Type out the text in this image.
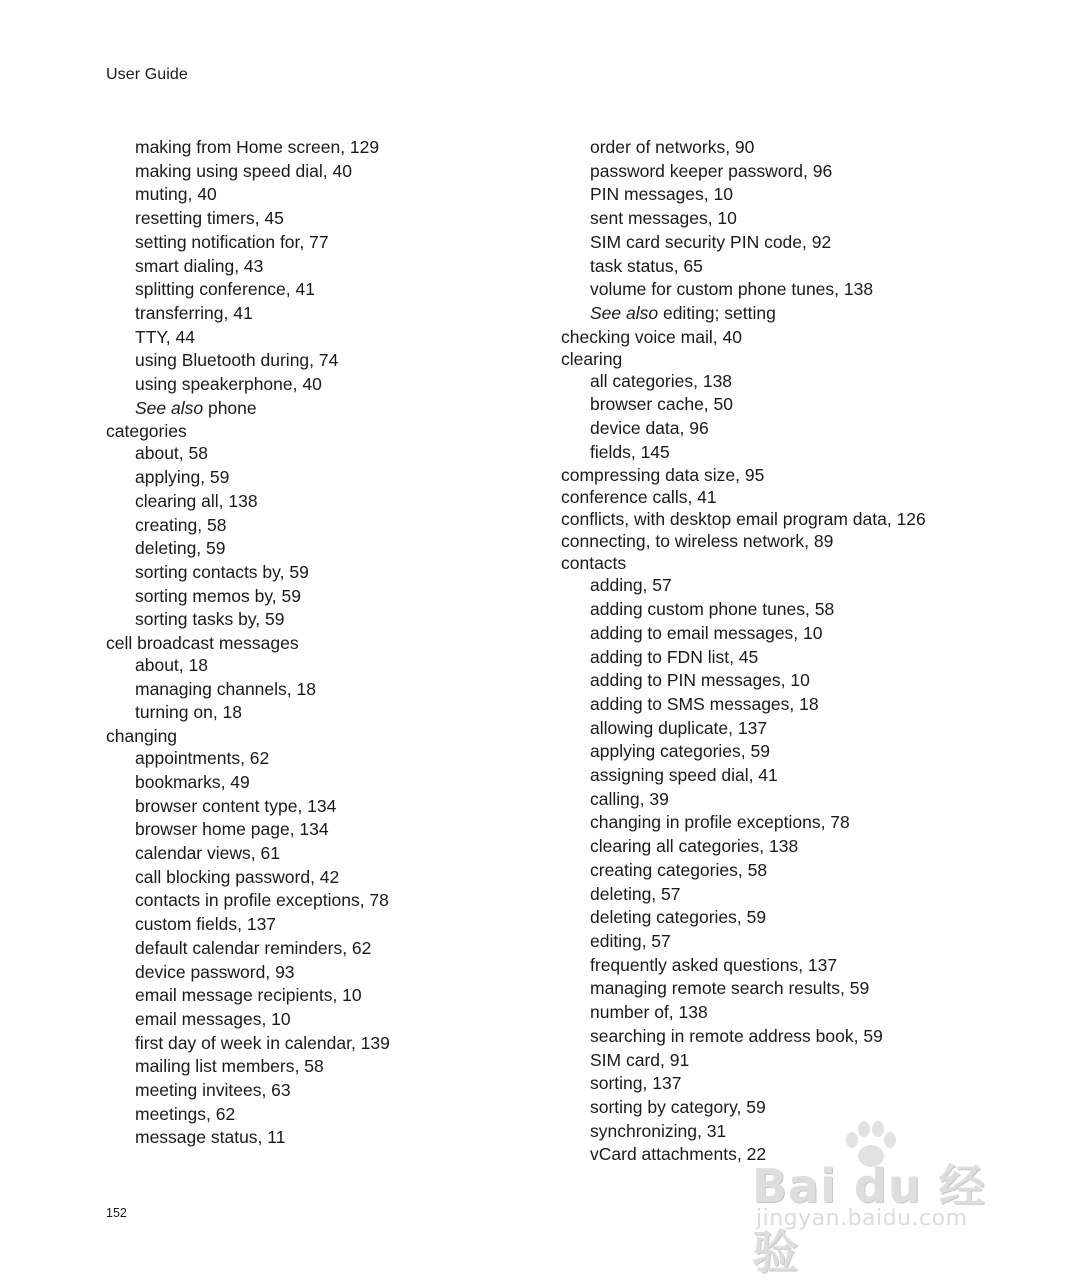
User Guide
making from Home screen, 129
making using speed dial, 40
muting, 40
resetting timers, 45
setting notification for, 77
smart dialing, 43
splitting conference, 41
transferring, 41
TTY, 44
using Bluetooth during, 74
using speakerphone, 40
See also phone
categories
about, 58
applying, 59
clearing all, 138
creating, 58
deleting, 59
sorting contacts by, 59
sorting memos by, 59
sorting tasks by, 59
cell broadcast messages
about, 18
managing channels, 18
turning on, 18
changing
appointments, 62
bookmarks, 49
browser content type, 134
browser home page, 134
calendar views, 61
call blocking password, 42
contacts in profile exceptions, 78
custom fields, 137
default calendar reminders, 62
device password, 93
email message recipients, 10
email messages, 10
first day of week in calendar, 139
mailing list members, 58
meeting invitees, 63
meetings, 62
message status, 11
order of networks, 90
password keeper password, 96
PIN messages, 10
sent messages, 10
SIM card security PIN code, 92
task status, 65
volume for custom phone tunes, 138
See also editing; setting
checking voice mail, 40
clearing
all categories, 138
browser cache, 50
device data, 96
fields, 145
compressing data size, 95
conference calls, 41
conflicts, with desktop email program data, 126
connecting, to wireless network, 89
contacts
adding, 57
adding custom phone tunes, 58
adding to email messages, 10
adding to FDN list, 45
adding to PIN messages, 10
adding to SMS messages, 18
allowing duplicate, 137
applying categories, 59
assigning speed dial, 41
calling, 39
changing in profile exceptions, 78
clearing all categories, 138
creating categories, 58
deleting, 57
deleting categories, 59
editing, 57
frequently asked questions, 137
managing remote search results, 59
number of, 138
searching in remote address book, 59
SIM card, 91
sorting, 137
sorting by category, 59
synchronizing, 31
vCard attachments, 22
152	Bai du 经验
jingyan.baidu.com
